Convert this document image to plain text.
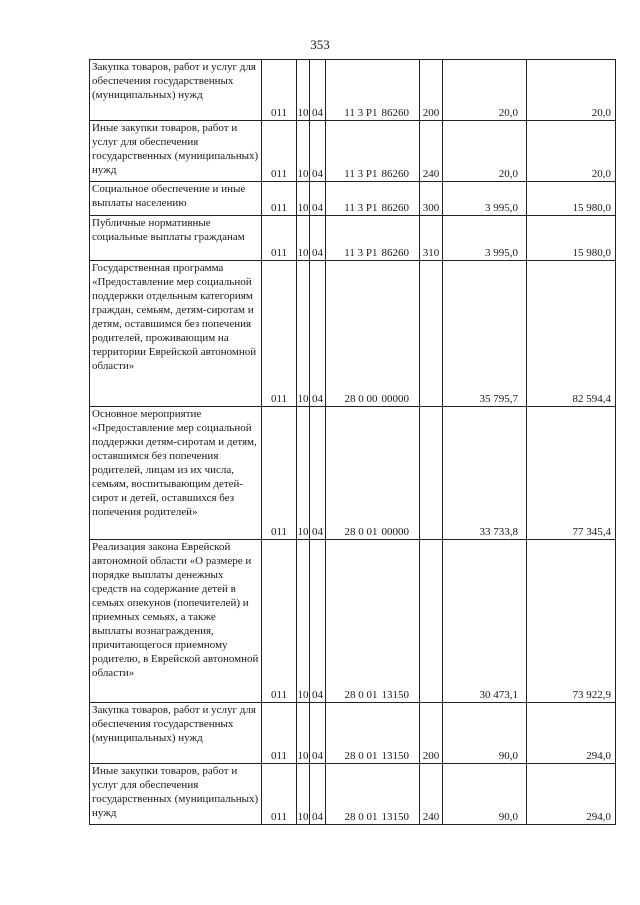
353
Закупка товаров, работ и услуг для обеспечения государственных (муниципальных) нужд	011	10	04	11 3 Р1	86260	200	20,0	20,0

Иные закупки товаров, работ и услуг для обеспечения государственных (муниципальных) нужд	011	10	04	11 3 Р1	86260	240	20,0	20,0

Социальное обеспечение и иные выплаты населению	011	10	04	11 3 Р1	86260	300	3 995,0	15 980,0

Публичные нормативные социальные выплаты гражданам	011	10	04	11 3 Р1	86260	310	3 995,0	15 980,0

Государственная программа «Предоставление мер социальной поддержки отдельным категориям граждан, семьям, детям-сиротам и детям, оставшимся без попечения родителей, проживающим на территории Еврейской автономной области»	011	10	04	28 0 00	00000		35 795,7	82 594,4

Основное мероприятие «Предоставление мер социальной поддержки детям-сиротам и детям, оставшимся без попечения родителей, лицам из их числа, семьям, воспитывающим детей-сирот и детей, оставшихся без попечения родителей»	011	10	04	28 0 01	00000		33 733,8	77 345,4

Реализация закона Еврейской автономной области «О размере и порядке выплаты денежных средств на содержание детей в семьях опекунов (попечителей) и приемных семьях, а также выплаты вознаграждения, причитающегося приемному родителю, в Еврейской автономной области»	011	10	04	28 0 01	13150		30 473,1	73 922,9

Закупка товаров, работ и услуг для обеспечения государственных (муниципальных) нужд	011	10	04	28 0 01	13150	200	90,0	294,0

Иные закупки товаров, работ и услуг для обеспечения государственных (муниципальных) нужд	011	10	04	28 0 01	13150	240	90,0	294,0
